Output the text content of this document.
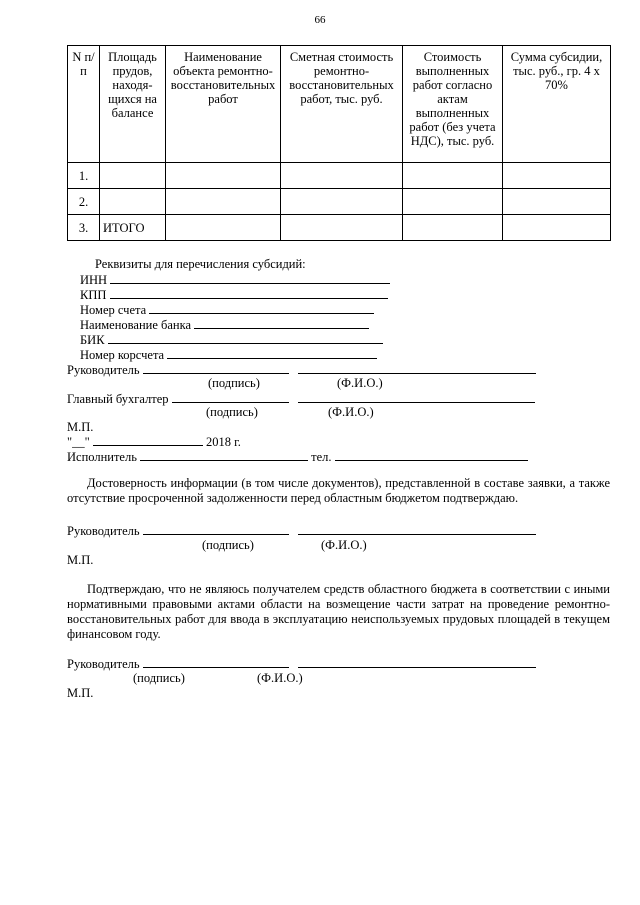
66
N п/п	Площадь прудов, находя-щихся на балансе	Наименование объекта ремонтно-восстановительных работ	Сметная стоимость ремонтно-восстановительных работ, тыс. руб.	Стоимость выполненных работ согласно актам выполненных работ (без учета НДС), тыс. руб.	Сумма субсидии, тыс. руб., гр. 4 x 70%
1.					
2.					
3.	ИТОГО				
Реквизиты для перечисления субсидий:
ИНН
КПП
Номер счета
Наименование банка
БИК
Номер корсчета
Руководитель
(подпись)	(Ф.И.О.)
Главный бухгалтер
(подпись)	(Ф.И.О.)
М.П.
"__"	2018 г.
Исполнитель	тел.
Достоверность информации (в том числе документов), представленной в составе заявки, а также отсутствие просроченной задолженности перед областным бюджетом подтверждаю.
Руководитель
(подпись)	(Ф.И.О.)
М.П.
Подтверждаю, что не являюсь получателем средств областного бюджета в соответствии с иными нормативными правовыми актами области на возмещение части затрат на проведение ремонтно-восстановительных работ для ввода в эксплуатацию неиспользуемых прудовых площадей в текущем финансовом году.
Руководитель
(подпись)	(Ф.И.О.)
М.П.
